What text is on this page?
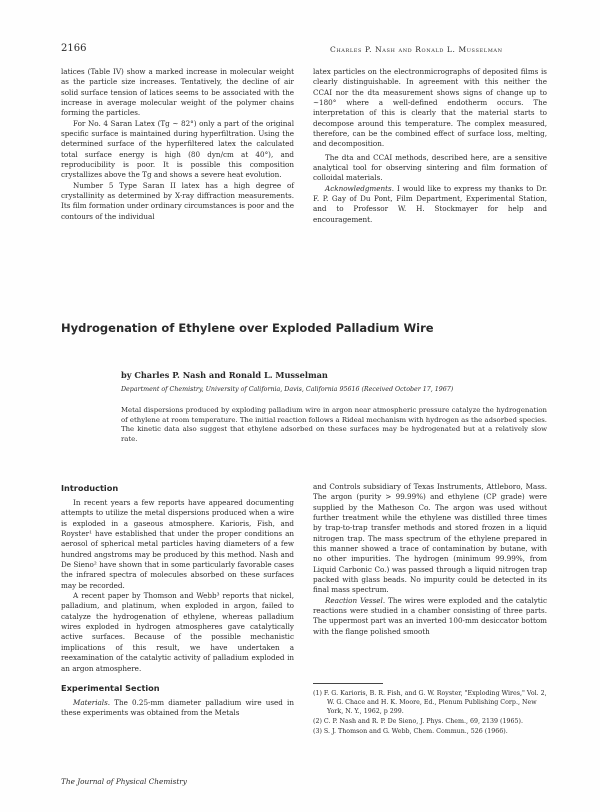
2166	Charles P. Nash and Ronald L. Musselman

latices (Table IV) show a marked increase in molecular weight as the particle size increases. Tentatively, the decline of air solid surface tension of latices seems to be associated with the increase in average molecular weight of the polymer chains forming the particles.

For No. 4 Saran Latex (Tg ~ 82°) only a part of the original specific surface is maintained during hyperfiltration. Using the determined surface of the hyperfiltered latex the calculated total surface energy is high (80 dyn/cm at 40°), and reproducibility is poor. It is possible this composition crystallizes above the Tg and shows a severe heat evolution.

Number 5 Type Saran II latex has a high degree of crystallinity as determined by X-ray diffraction measurements. Its film formation under ordinary circumstances is poor and the contours of the individual

latex particles on the electronmicrographs of deposited films is clearly distinguishable. In agreement with this neither the CCAI nor the dta measurement shows signs of change up to ~180° where a well-defined endotherm occurs. The interpretation of this is clearly that the material starts to decompose around this temperature. The complex measured, therefore, can be the combined effect of surface loss, melting, and decomposition.

The dta and CCAI methods, described here, are a sensitive analytical tool for observing sintering and film formation of colloidal materials.

Acknowledgments. I would like to express my thanks to Dr. F. P. Gay of Du Pont, Film Department, Experimental Station, and to Professor W. H. Stockmayer for help and encouragement.

Hydrogenation of Ethylene over Exploded Palladium Wire
by Charles P. Nash and Ronald L. Musselman
Department of Chemistry, University of California, Davis, California 95616 (Received October 17, 1967)

Metal dispersions produced by exploding palladium wire in argon near atmospheric pressure catalyze the hydrogenation of ethylene at room temperature. The initial reaction follows a Rideal mechanism with hydrogen as the adsorbed species. The kinetic data also suggest that ethylene adsorbed on these surfaces may be hydrogenated but at a relatively slow rate.

Introduction

In recent years a few reports have appeared documenting attempts to utilize the metal dispersions produced when a wire is exploded in a gaseous atmosphere. Karioris, Fish, and Royster¹ have established that under the proper conditions an aerosol of spherical metal particles having diameters of a few hundred angstroms may be produced by this method. Nash and De Sieno² have shown that in some particularly favorable cases the infrared spectra of molecules absorbed on these surfaces may be recorded.

A recent paper by Thomson and Webb³ reports that nickel, palladium, and platinum, when exploded in argon, failed to catalyze the hydrogenation of ethylene, whereas palladium wires exploded in hydrogen atmospheres gave catalytically active surfaces. Because of the possible mechanistic implications of this result, we have undertaken a reexamination of the catalytic activity of palladium exploded in an argon atmosphere.

Experimental Section

Materials. The 0.25-mm diameter palladium wire used in these experiments was obtained from the Metals

and Controls subsidiary of Texas Instruments, Attleboro, Mass. The argon (purity > 99.99%) and ethylene (CP grade) were supplied by the Matheson Co. The argon was used without further treatment while the ethylene was distilled three times by trap-to-trap transfer methods and stored frozen in a liquid nitrogen trap. The mass spectrum of the ethylene prepared in this manner showed a trace of contamination by butane, with no other impurities. The hydrogen (minimum 99.99%, from Liquid Carbonic Co.) was passed through a liquid nitrogen trap packed with glass beads. No impurity could be detected in its final mass spectrum.

Reaction Vessel. The wires were exploded and the catalytic reactions were studied in a chamber consisting of three parts. The uppermost part was an inverted 100-mm desiccator bottom with the flange polished smooth

(1) F. G. Karioris, B. R. Fish, and G. W. Royster, "Exploding Wires," Vol. 2, W. G. Chace and H. K. Moore, Ed., Plenum Publishing Corp., New York, N. Y., 1962, p 299.

(2) C. P. Nash and R. P. De Sieno, J. Phys. Chem., 69, 2139 (1965).

(3) S. J. Thomson and G. Webb, Chem. Commun., 526 (1966).

The Journal of Physical Chemistry
